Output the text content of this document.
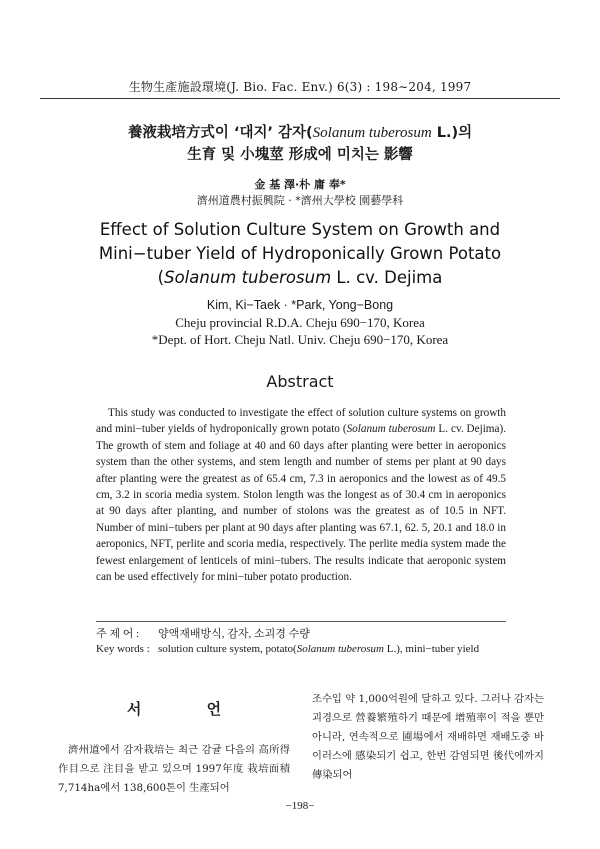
生物生產施設環境(J. Bio. Fac. Env.) 6(3) : 198∼204, 1997
養液栽培方式이 ‘대지’ 감자(Solanum tuberosum L.)의
生育 및 小塊莖 形成에 미치는 影響
金 基 澤·朴 庸 奉*
濟州道農村振興院 · *濟州大學校 園藝學科
Effect of Solution Culture System on Growth and
Mini−tuber Yield of Hydroponically Grown Potato
(Solanum tuberosum L. cv. Dejima
Kim, Ki−Taek · *Park, Yong−Bong
Cheju provincial R.D.A. Cheju 690−170, Korea
*Dept. of Hort. Cheju Natl. Univ. Cheju 690−170, Korea
Abstract
This study was conducted to investigate the effect of solution culture systems on growth and mini−tuber yields of hydroponically grown potato (Solanum tuberosum L. cv. Dejima). The growth of stem and foliage at 40 and 60 days after planting were better in aeroponics system than the other systems, and stem length and number of stems per plant at 90 days after planting were the greatest as of 65.4 cm, 7.3 in aeroponics and the lowest as of 49.5 cm, 3.2 in scoria media system. Stolon length was the longest as of 30.4 cm in aeroponics at 90 days after planting, and number of stolons was the greatest as of 10.5 in NFT. Number of mini−tubers per plant at 90 days after planting was 67.1, 62. 5, 20.1 and 18.0 in aeroponics, NFT, perlite and scoria media, respectively. The perlite media system made the fewest enlargement of lenticels of mini−tubers. The results indicate that aeroponic system can be used effectively for mini−tuber potato production.
주 제 어 :	양액재배방식, 감자, 소괴경 수량
Key words : solution culture system, potato(Solanum tuberosum L.), mini−tuber yield
서 언

濟州道에서 감자栽培는 최근 감귤 다음의 高所得作目으로 注目을 받고 있으며 1997年度 栽培面積 7,714ha에서 138,600톤이 生產되어

조수입 약 1,000억원에 달하고 있다. 그러나 감자는 괴경으로 營養繁殖하기 때문에 增殖率이 적을 뿐만 아니라, 연속적으로 圃場에서 재배하면 재배도중 바이러스에 感染되기 쉽고, 한번 감염되면 後代에까지 傳染되어

−198−
